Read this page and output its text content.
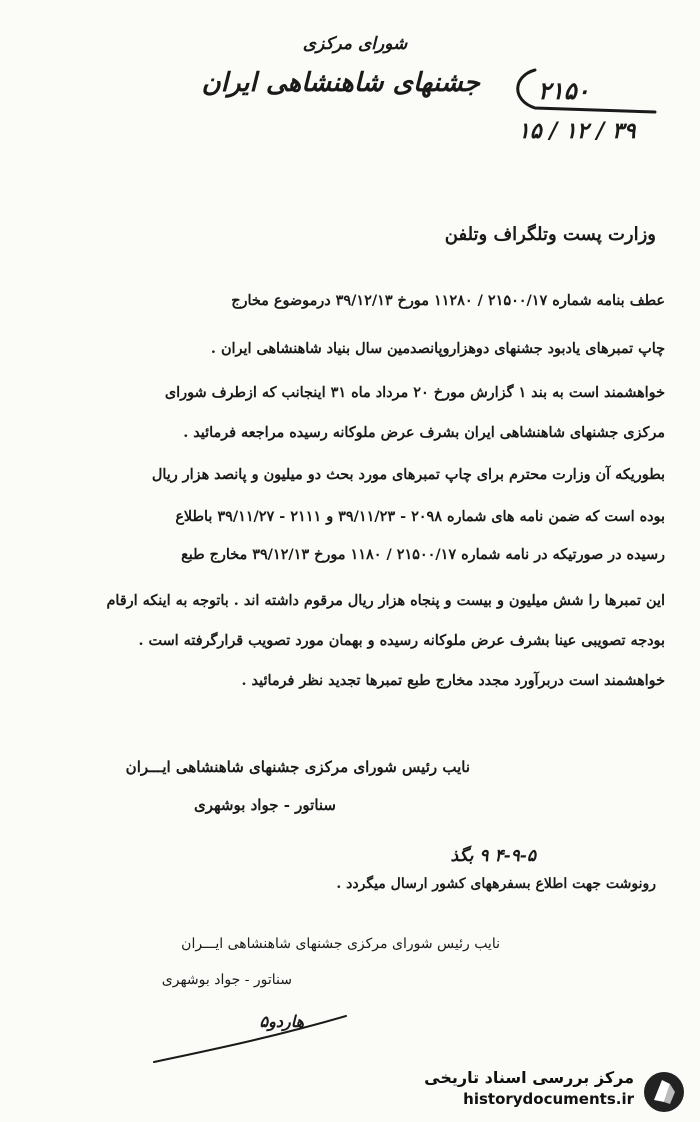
شورای مرکزی
جشنهای شاهنشاهی ایران ۲۱۵۰
۱۵ / ۱۲ / ۳۹
وزارت پست وتلگراف وتلفن
عطف بنامه شماره ۲۱۵۰۰/۱۷ / ۱۱۲۸۰ مورخ ۳۹/۱۲/۱۳ درموضوع مخارج
چاپ تمبرهای یادبود جشنهای دوهزاروپانصدمین سال بنیاد شاهنشاهی ایران .
خواهشمند است به بند ۱ گزارش مورخ ۲۰ مرداد ماه ۳۱ اینجانب که ازطرف شورای
مرکزی جشنهای شاهنشاهی ایران بشرف عرض ملوکانه رسیده مراجعه فرمائید .
بطوریکه آن وزارت محترم برای چاپ تمبرهای مورد بحث دو میلیون و پانصد هزار ریال
بوده است که ضمن نامه های شماره ۲۰۹۸ - ۳۹/۱۱/۲۳ و ۲۱۱۱ - ۳۹/۱۱/۲۷ باطلاع
رسیده در صورتیکه در نامه شماره ۲۱۵۰۰/۱۷ / ۱۱۸۰ مورخ ۳۹/۱۲/۱۳ مخارج طبع
این تمبرها را شش میلیون و بیست و پنجاه هزار ریال مرقوم داشته اند . باتوجه به اینکه ارقام
بودجه تصویبی عینا بشرف عرض ملوکانه رسیده و بهمان مورد تصویب قرارگرفته است .
خواهشمند است دربرآورد مجدد مخارج طبع تمبرها تجدید نظر فرمائید .
نایب رئیس شورای مرکزی جشنهای شاهنشاهی ایـــران
سناتور - جواد بوشهری
۴-۹-۵ ۹ بگذ
رونوشت جهت اطلاع بسفرههای کشور ارسال میگردد .
نایب رئیس شورای مرکزی جشنهای شاهنشاهی ایـــران
سناتور - جواد بوشهری
هاردو۵
مرکز بررسی اسناد تاریخی
historydocuments.ir
